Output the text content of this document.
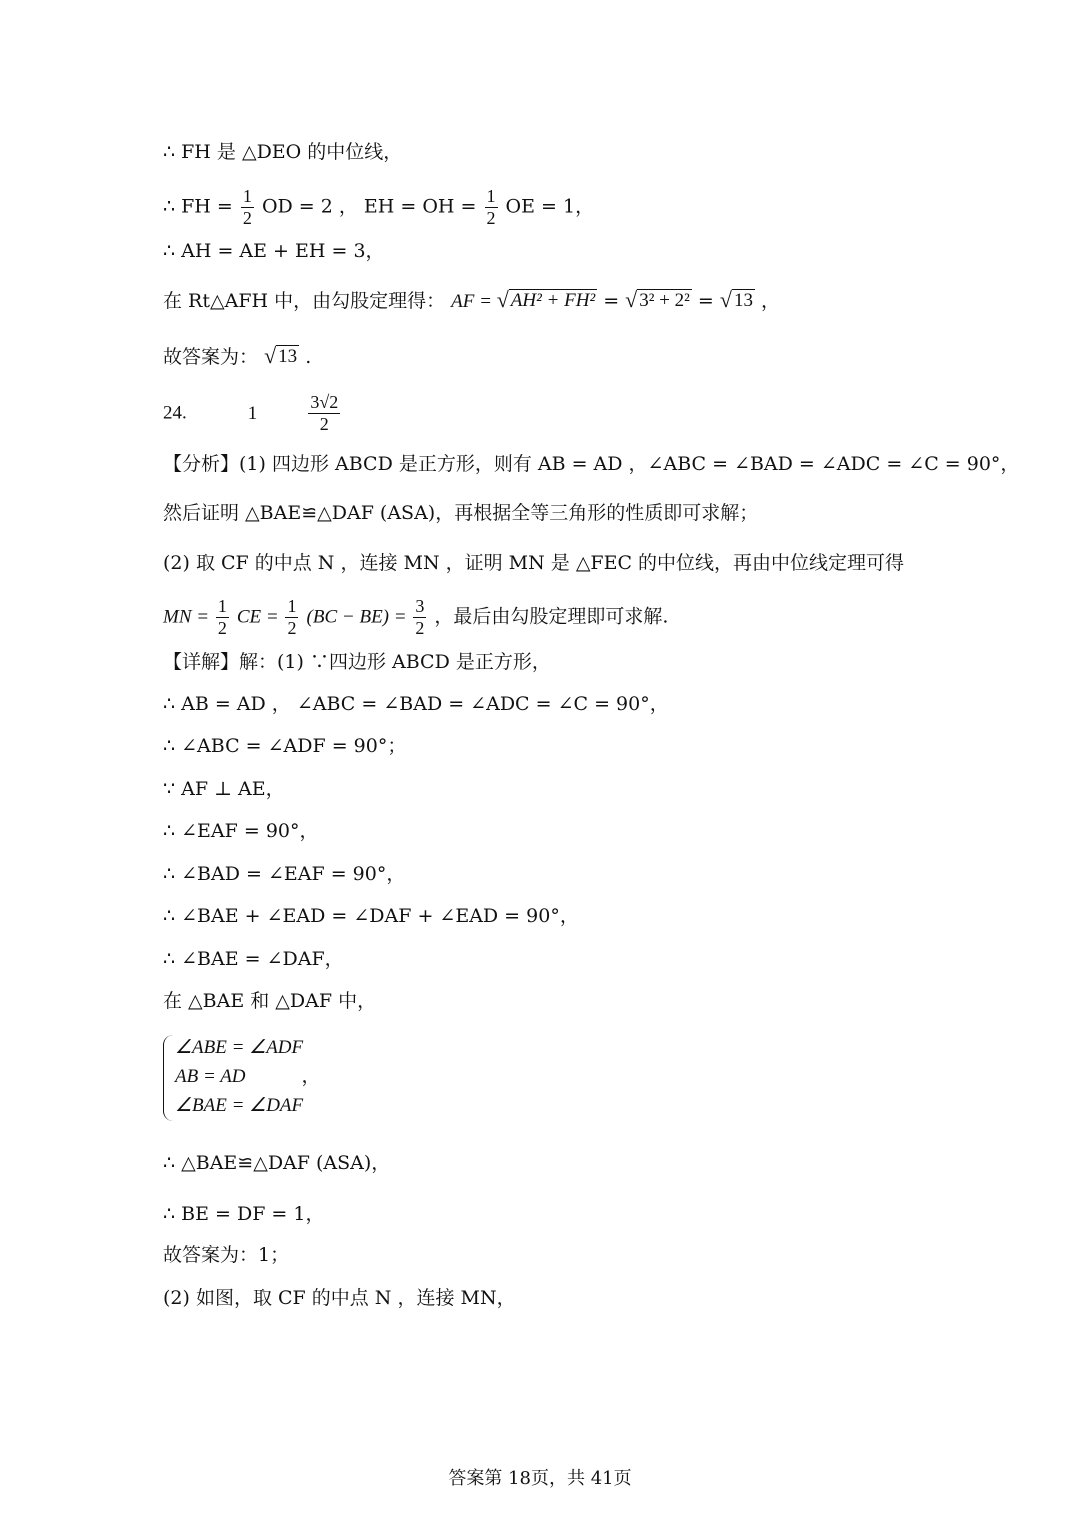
∴ FH 是 △DEO 的中位线，
∴ FH = $\frac{1}{2}$ OD = 2 ， EH = OH = $\frac{1}{2}$ OE = 1，
∴ AH = AE + EH = 3，
在 Rt△AFH 中，由勾股定理得： AF = √ AH² + FH² = √ 3² + 2² = √ 13 ，
故答案为： √ 13 .
24.	1	$\frac{3√2}{2}$
【分析】(1) 四边形 ABCD 是正方形，则有 AB = AD ，∠ABC = ∠BAD = ∠ADC = ∠C = 90°，
然后证明 △BAE≌△DAF (ASA)，再根据全等三角形的性质即可求解；
(2) 取 CF 的中点 N ，连接 MN ，证明 MN 是 △FEC 的中位线，再由中位线定理可得
MN = $\frac{1}{2}$ CE = $\frac{1}{2} (BC - BE) = \frac{3}{2}$ ，最后由勾股定理即可求解.
【详解】解：(1) ∵四边形 ABCD 是正方形，
∴ AB = AD ， ∠ABC = ∠BAD = ∠ADC = ∠C = 90°，
∴ ∠ABC = ∠ADF = 90°；
∵ AF ⊥ AE，
∴ ∠EAF = 90°，
∴ ∠BAD = ∠EAF = 90°，
∴ ∠BAE + ∠EAD = ∠DAF + ∠EAD = 90°，
∴ ∠BAE = ∠DAF，
在 △BAE 和 △DAF 中，
∠ABE = ∠ADF
AB = AD	，
∠BAE = ∠DAF
∴ △BAE≌△DAF (ASA)，
∴ BE = DF = 1，
故答案为：1；
(2) 如图，取 CF 的中点 N ，连接 MN，
答案第 18页，共 41页
